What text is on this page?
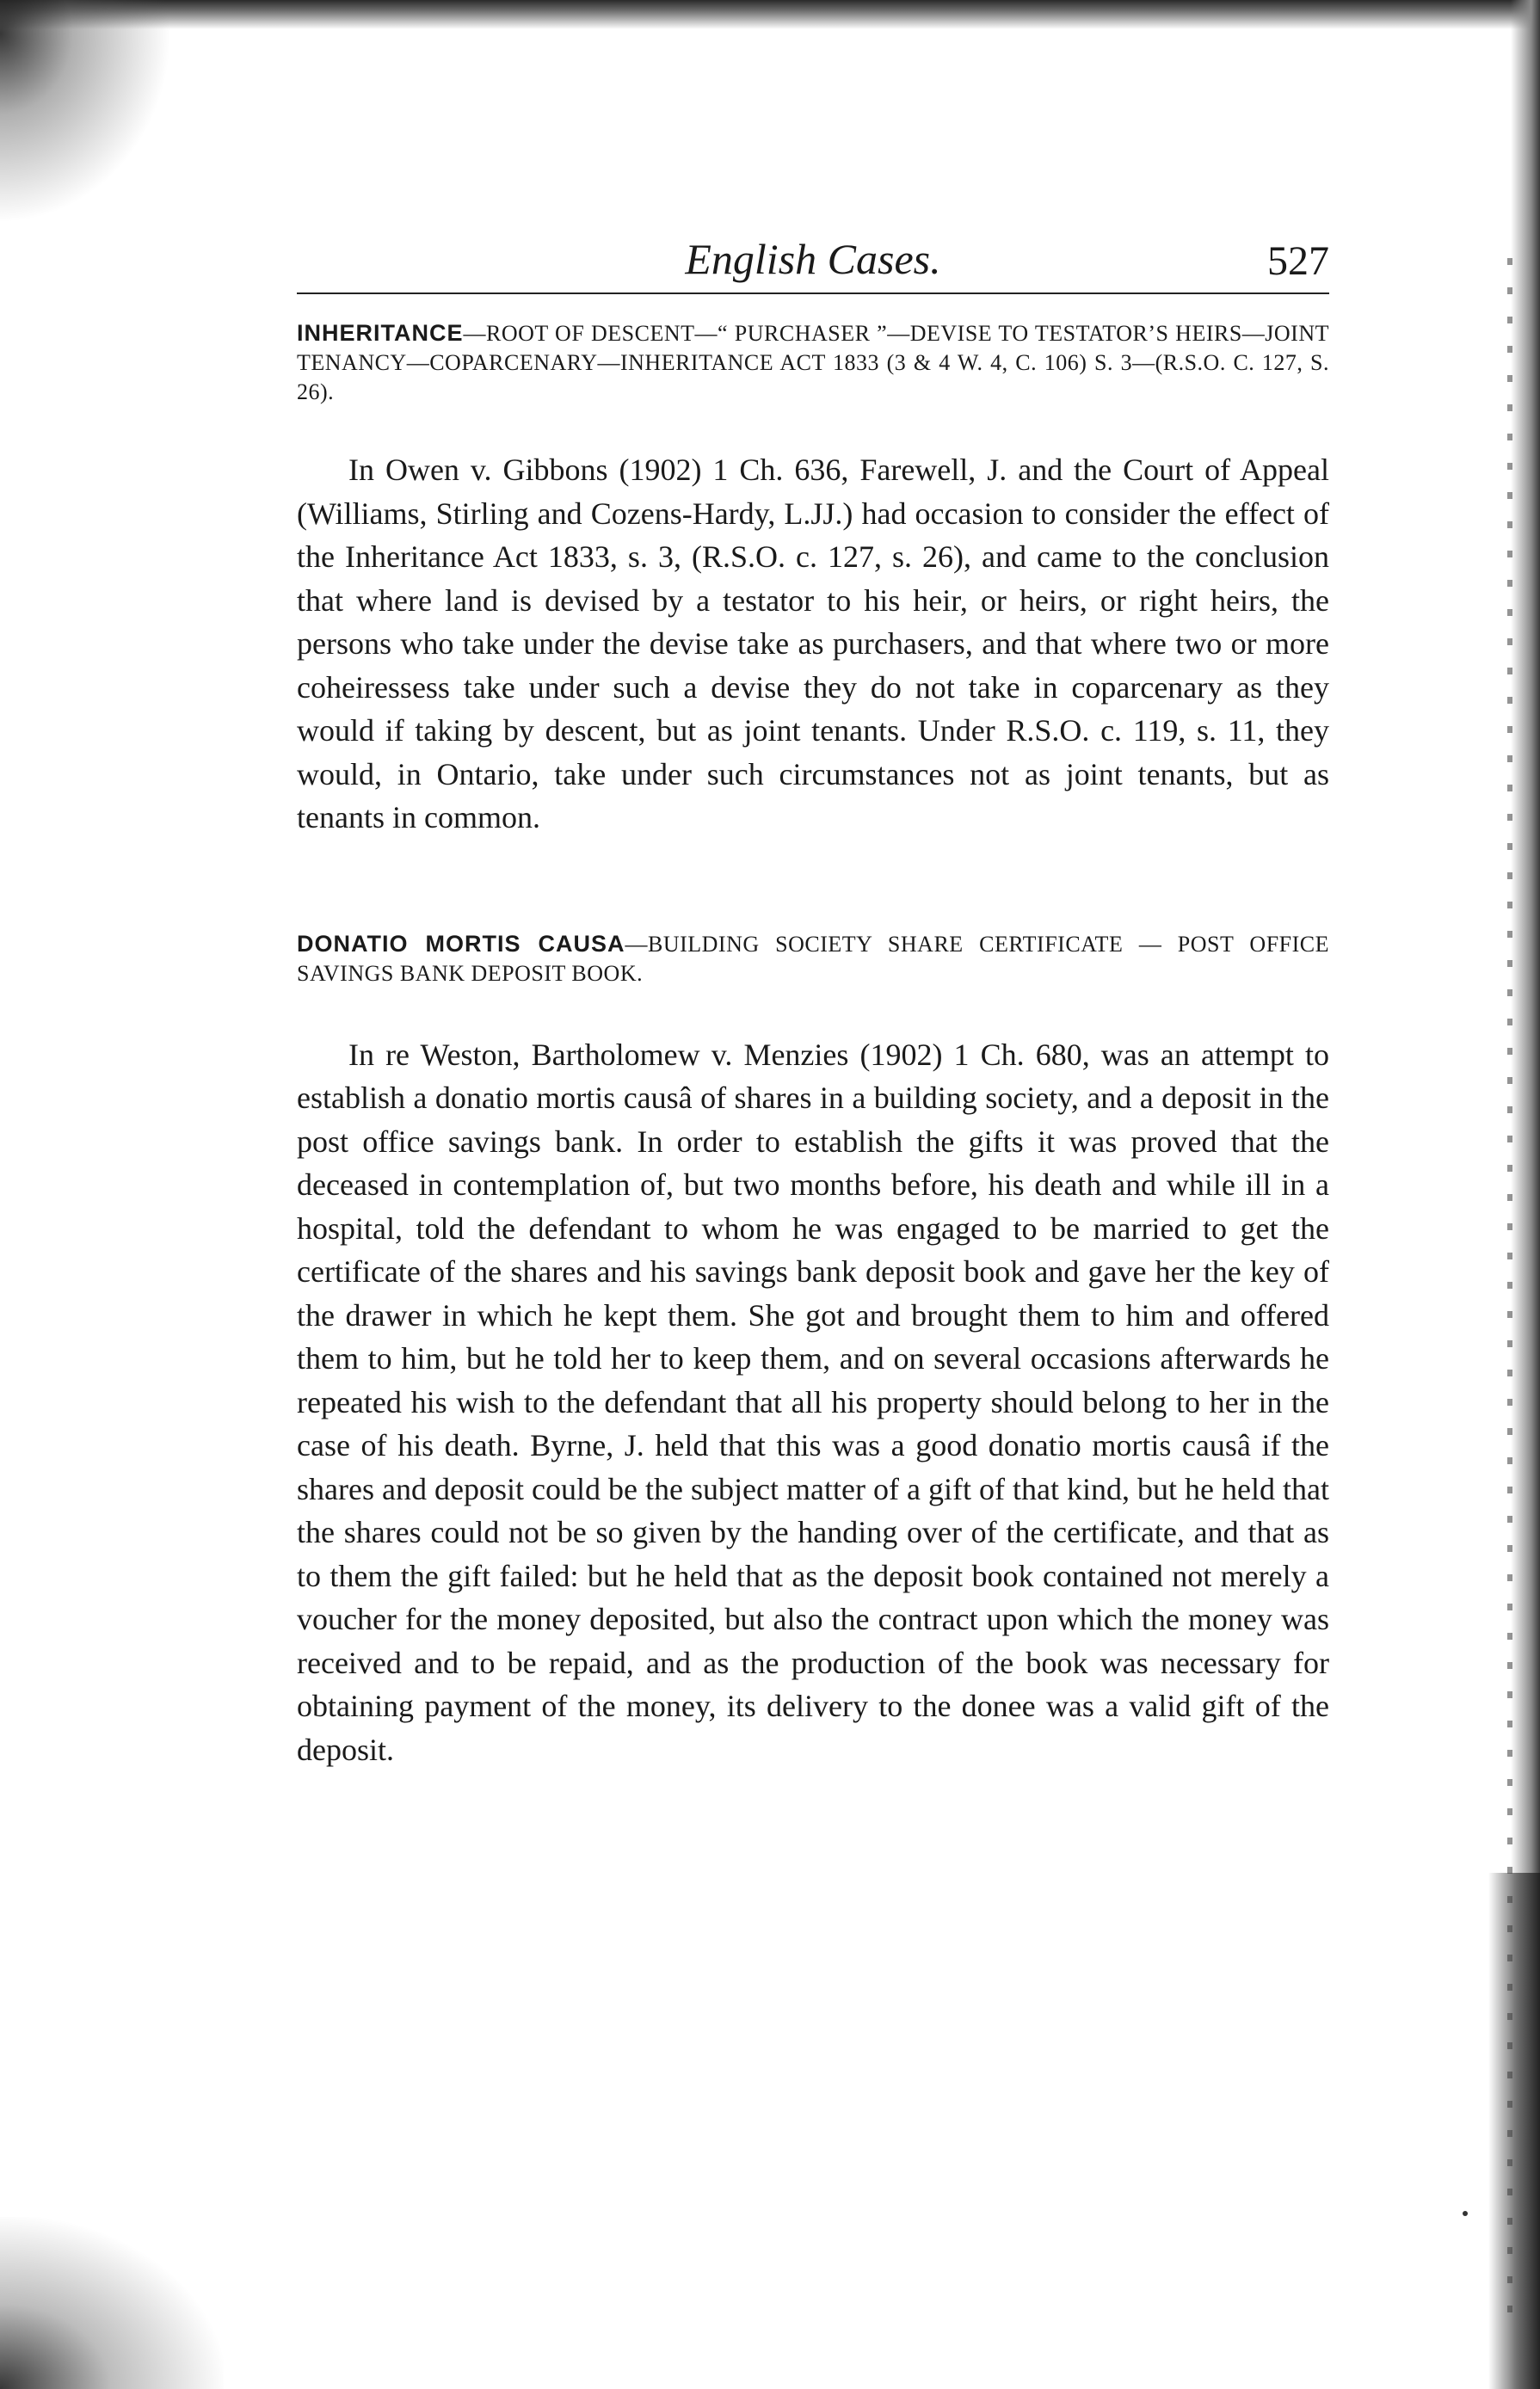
English Cases.	527
INHERITANCE—ROOT OF DESCENT—“ PURCHASER ”—DEVISE TO TESTATOR’S HEIRS—JOINT TENANCY—COPARCENARY—INHERITANCE ACT 1833 (3 & 4 W. 4, C. 106) S. 3—(R.S.O. C. 127, S. 26).

In Owen v. Gibbons (1902) 1 Ch. 636, Farewell, J. and the Court of Appeal (Williams, Stirling and Cozens-Hardy, L.JJ.) had occasion to consider the effect of the Inheritance Act 1833, s. 3, (R.S.O. c. 127, s. 26), and came to the conclusion that where land is devised by a testator to his heir, or heirs, or right heirs, the persons who take under the devise take as purchasers, and that where two or more coheiressess take under such a devise they do not take in coparcenary as they would if taking by descent, but as joint tenants. Under R.S.O. c. 119, s. 11, they would, in Ontario, take under such circumstances not as joint tenants, but as tenants in common.

DONATIO MORTIS CAUSA—BUILDING SOCIETY SHARE CERTIFICATE — POST OFFICE SAVINGS BANK DEPOSIT BOOK.

In re Weston, Bartholomew v. Menzies (1902) 1 Ch. 680, was an attempt to establish a donatio mortis causâ of shares in a building society, and a deposit in the post office savings bank. In order to establish the gifts it was proved that the deceased in contemplation of, but two months before, his death and while ill in a hospital, told the defendant to whom he was engaged to be married to get the certificate of the shares and his savings bank deposit book and gave her the key of the drawer in which he kept them. She got and brought them to him and offered them to him, but he told her to keep them, and on several occasions afterwards he repeated his wish to the defendant that all his property should belong to her in the case of his death. Byrne, J. held that this was a good donatio mortis causâ if the shares and deposit could be the subject matter of a gift of that kind, but he held that the shares could not be so given by the handing over of the certificate, and that as to them the gift failed: but he held that as the deposit book contained not merely a voucher for the money deposited, but also the contract upon which the money was received and to be repaid, and as the production of the book was necessary for obtaining payment of the money, its delivery to the donee was a valid gift of the deposit.
